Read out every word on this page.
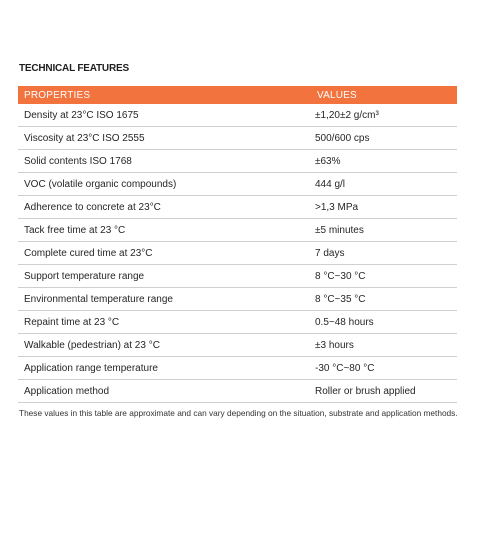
TECHNICAL FEATURES
PROPERTIES	VALUES
Density at 23°C ISO 1675	±1,20±2 g/cm³
Viscosity at 23°C ISO 2555	500/600 cps
Solid contents ISO 1768	±63%
VOC (volatile organic compounds)	444 g/l
Adherence to concrete at 23°C	>1,3 MPa
Tack free time at 23 °C	±5 minutes
Complete cured time at 23°C	7 days
Support temperature range	8 °C~30 °C
Environmental temperature range	8 °C~35 °C
Repaint time at 23 °C	0.5~48 hours
Walkable (pedestrian) at 23 °C	±3 hours
Application range temperature	-30 °C~80 °C
Application method	Roller or brush applied
These values in this table are approximate and can vary depending on the situation, substrate and application methods.
